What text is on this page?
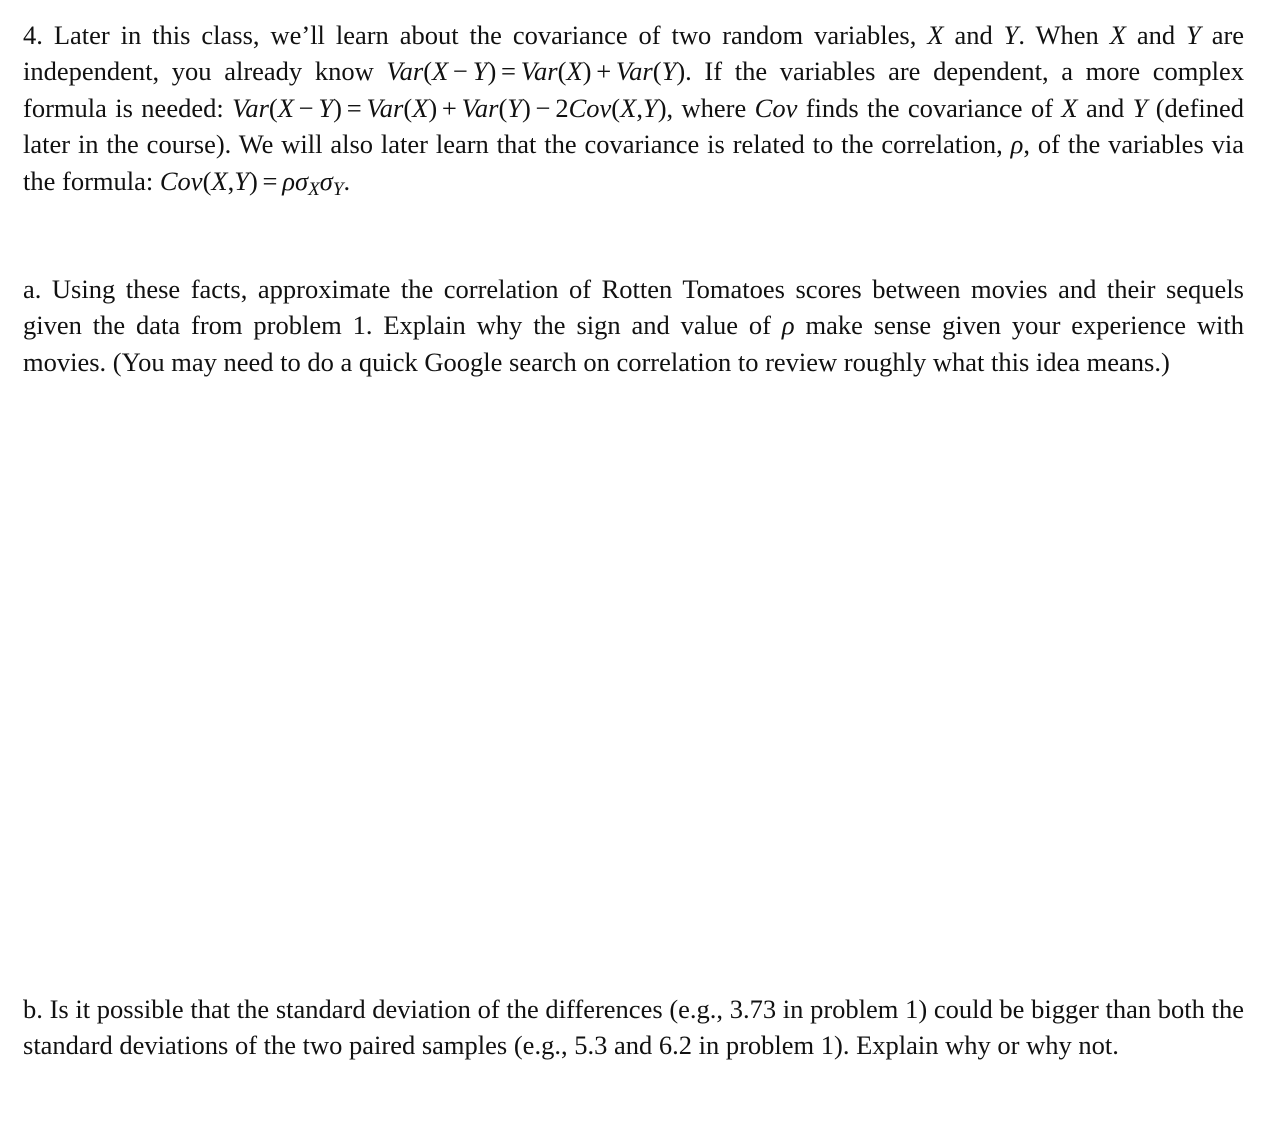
4. Later in this class, we’ll learn about the covariance of two random variables, X and Y. When X and Y are independent, you already know Var(X − Y) = Var(X) + Var(Y). If the variables are dependent, a more complex formula is needed: Var(X − Y) = Var(X) + Var(Y) − 2Cov(X,Y), where Cov finds the covariance of X and Y (defined later in the course). We will also later learn that the covariance is related to the correlation, ρ, of the variables via the formula: $Cov(X,Y) = \rho\sigma_X\sigma_Y$.

a. Using these facts, approximate the correlation of Rotten Tomatoes scores between movies and their sequels given the data from problem 1. Explain why the sign and value of ρ make sense given your experience with movies. (You may need to do a quick Google search on correlation to review roughly what this idea means.)

b. Is it possible that the standard deviation of the differences (e.g., 3.73 in problem 1) could be bigger than both the standard deviations of the two paired samples (e.g., 5.3 and 6.2 in problem 1). Explain why or why not.
